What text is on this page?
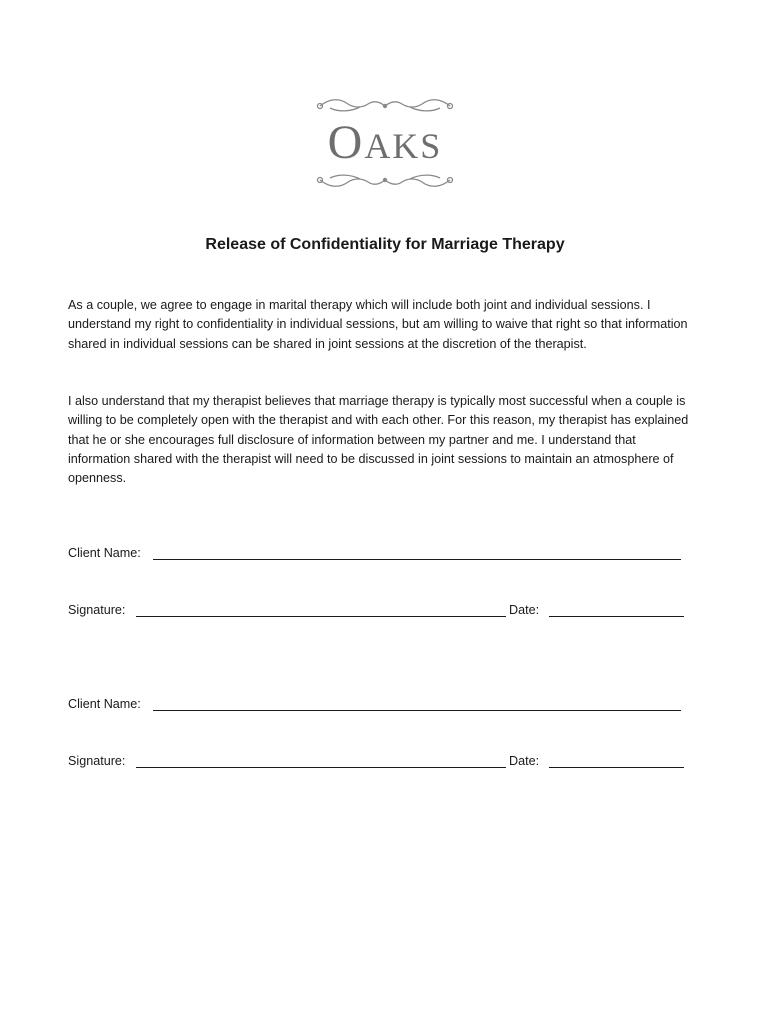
OAKS
Release of Confidentiality for Marriage Therapy

As a couple, we agree to engage in marital therapy which will include both joint and individual sessions. I understand my right to confidentiality in individual sessions, but am willing to waive that right so that information shared in individual sessions can be shared in joint sessions at the discretion of the therapist.

I also understand that my therapist believes that marriage therapy is typically most successful when a couple is willing to be completely open with the therapist and with each other. For this reason, my therapist has explained that he or she encourages full disclosure of information between my partner and me. I understand that information shared with the therapist will need to be discussed in joint sessions to maintain an atmosphere of openness.

Client Name:
Signature:	Date:
Client Name:
Signature:	Date:
